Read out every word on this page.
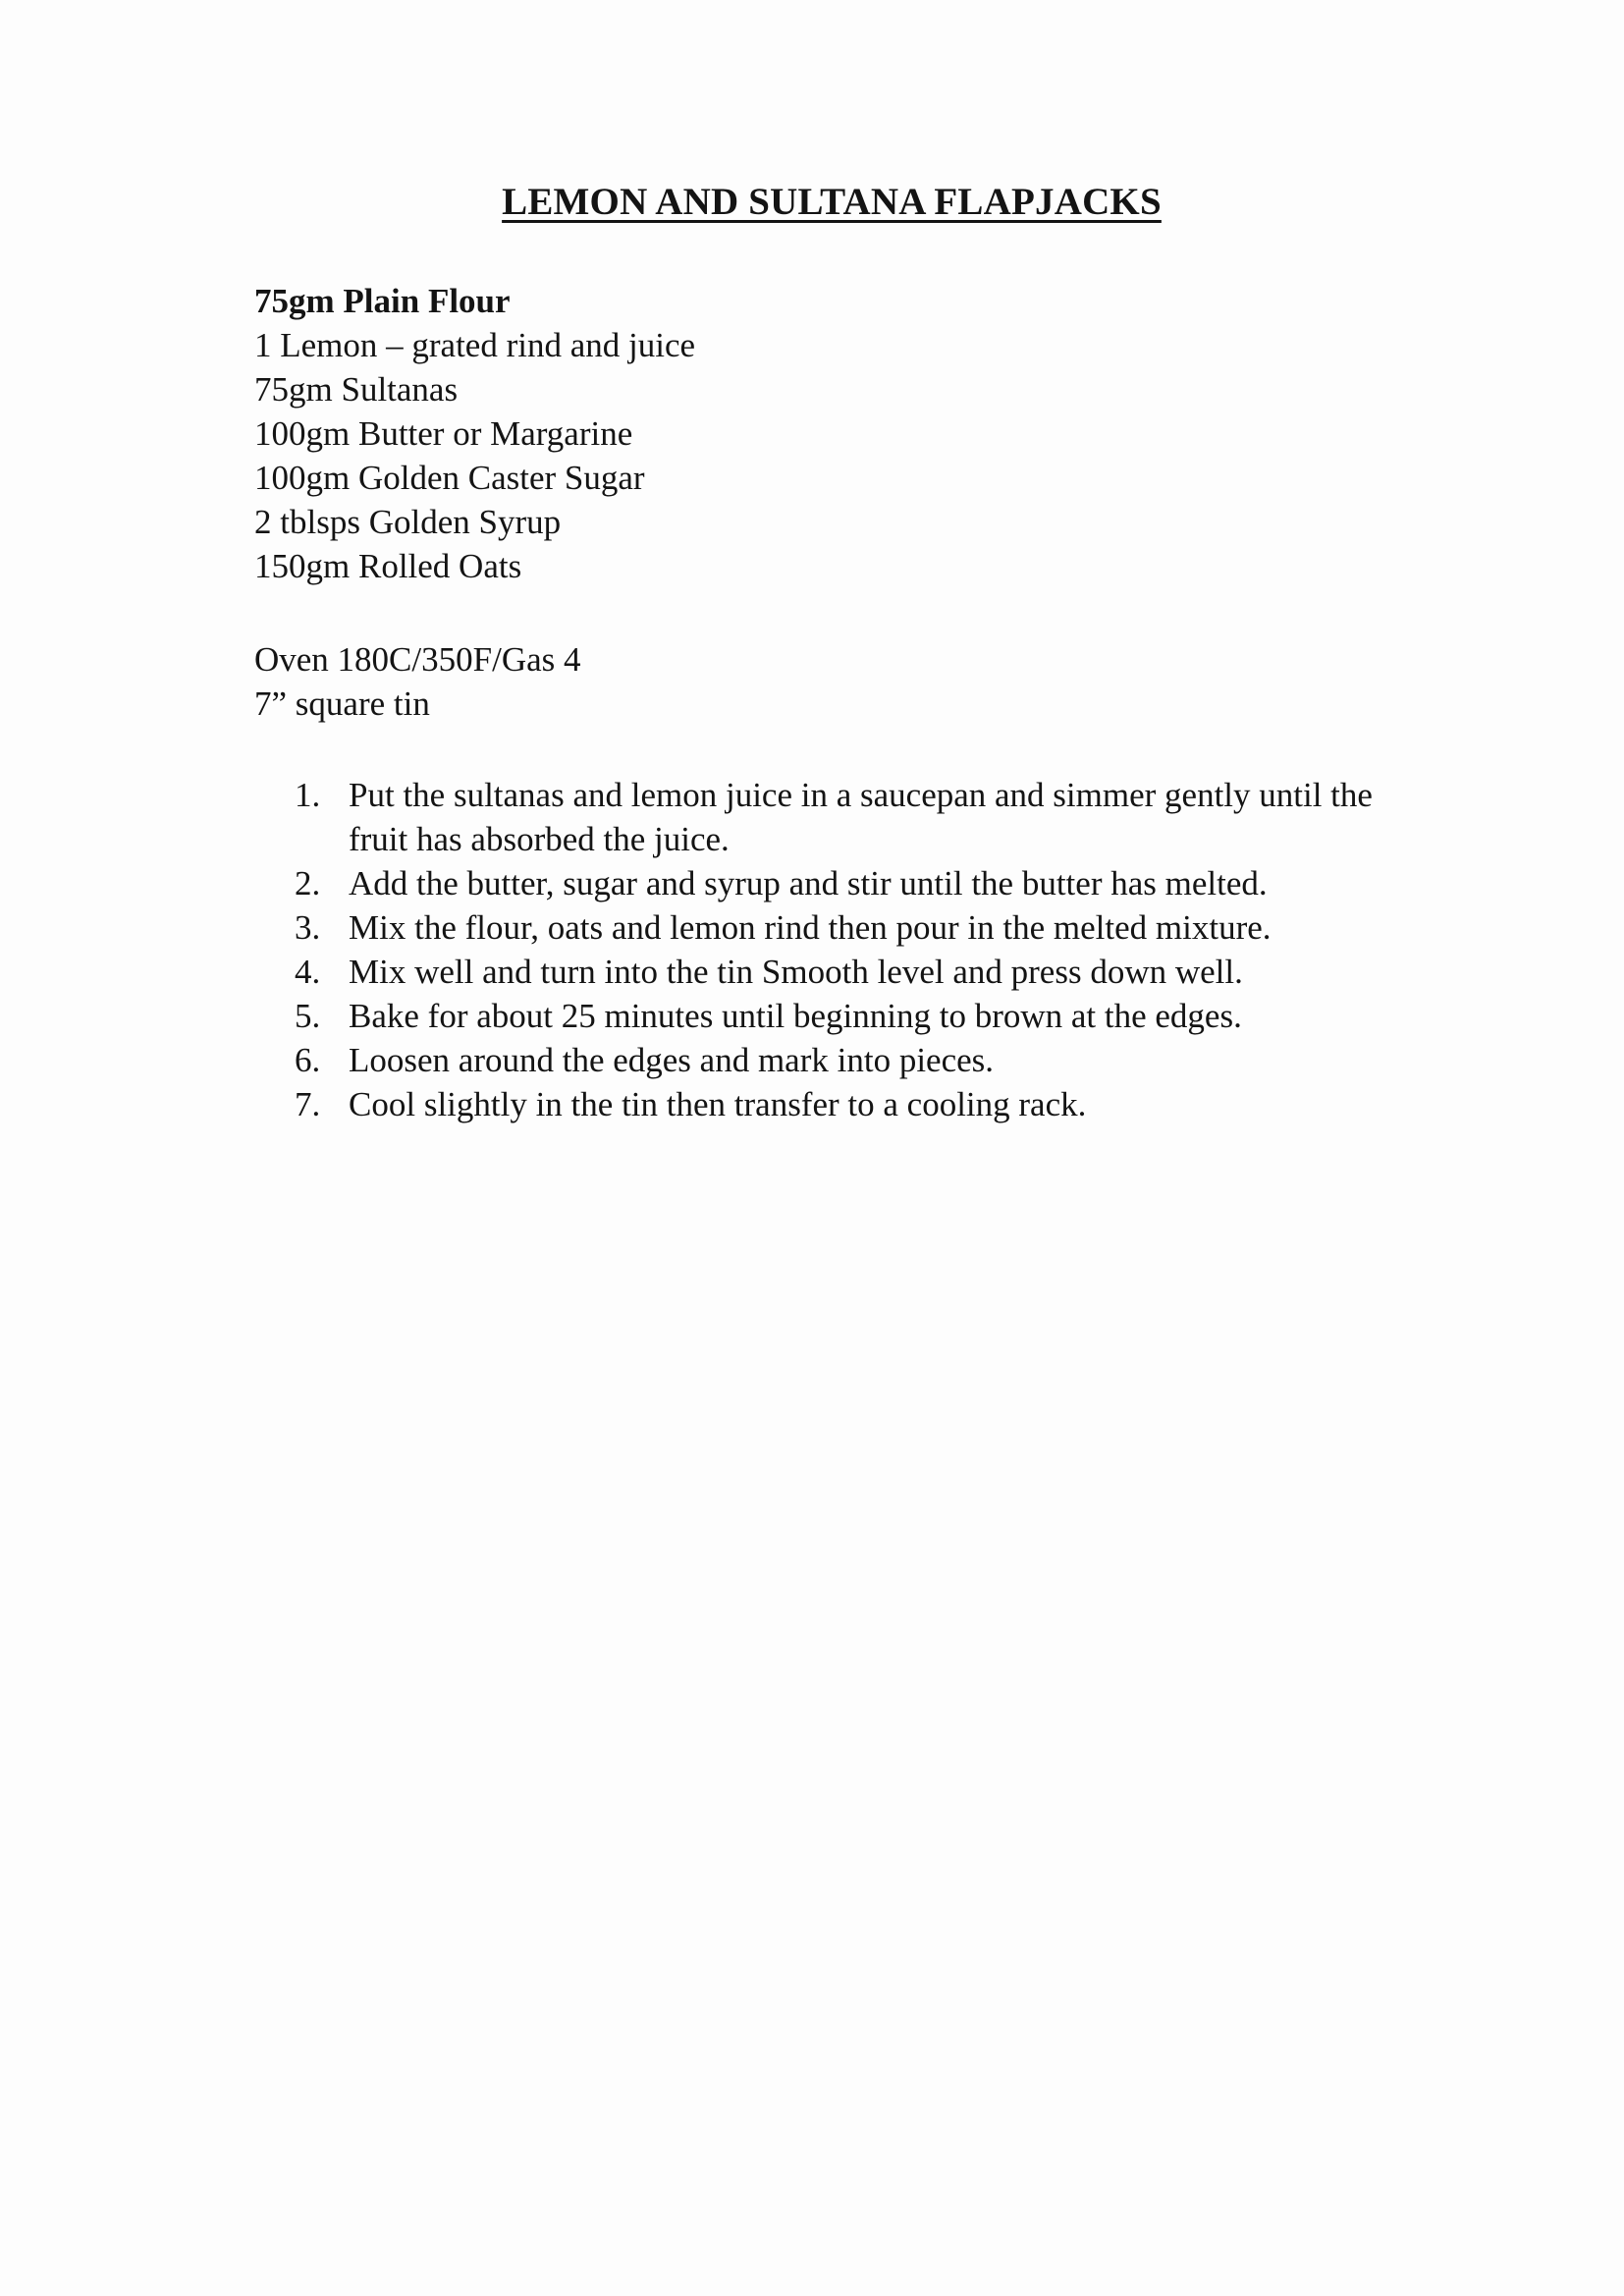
LEMON AND SULTANA FLAPJACKS
75gm Plain Flour
1 Lemon – grated rind and juice
75gm Sultanas
100gm Butter or Margarine
100gm Golden Caster Sugar
2 tblsps Golden Syrup
150gm Rolled Oats
Oven 180C/350F/Gas 4
7” square tin
1. Put the sultanas and lemon juice in a saucepan and simmer gently until the fruit has absorbed the juice.
2. Add the butter, sugar and syrup and stir until the butter has melted.
3. Mix the flour, oats and lemon rind then pour in the melted mixture.
4. Mix well and turn into the tin Smooth level and press down well.
5. Bake for about 25 minutes until beginning to brown at the edges.
6. Loosen around the edges and mark into pieces.
7. Cool slightly in the tin then transfer to a cooling rack.
